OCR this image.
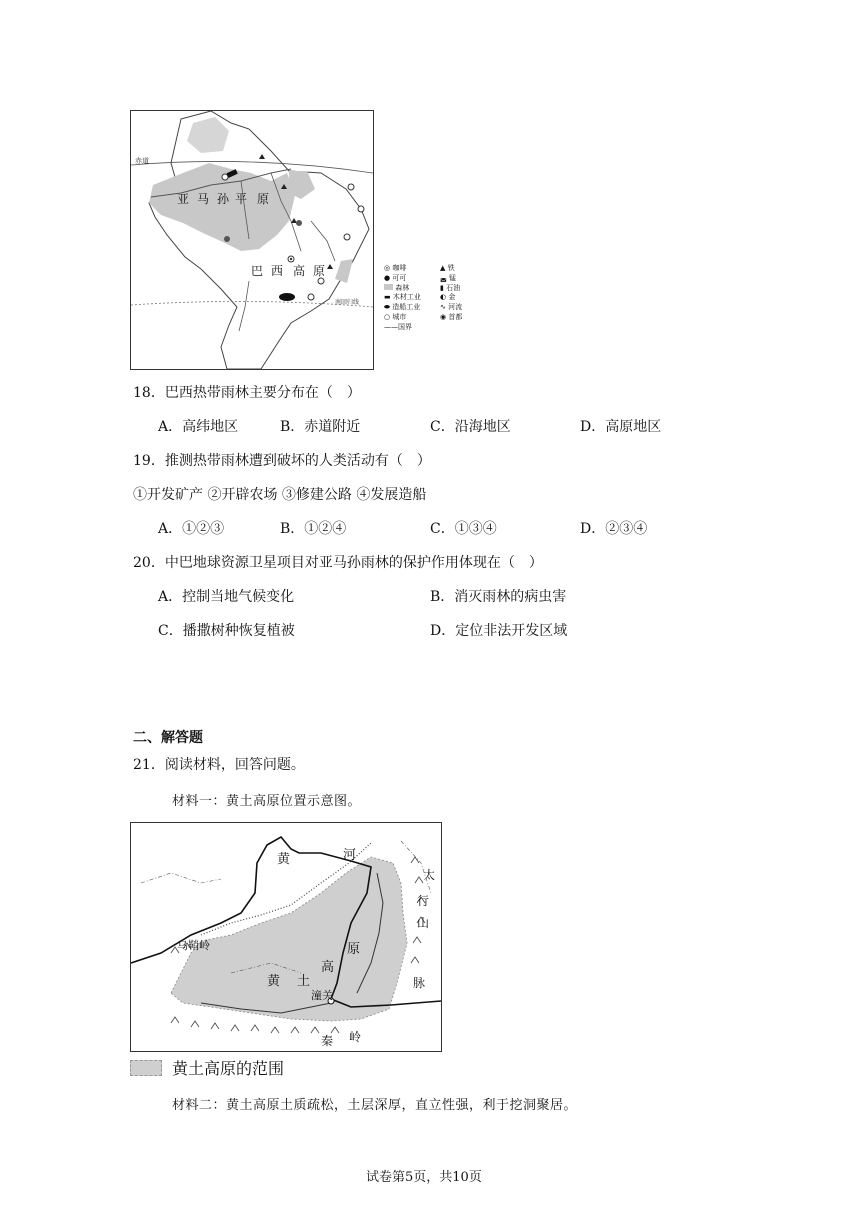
赤道
南回归线
亚 马 孙 平 原
巴 西 高 原	◎ 咖啡	▲ 铁
● 可可	◛ 锰
森林	▮ 石油
▬ 木材工业	◐ 金
⬬ 造船工业	∿ 河流
○ 城市	◉ 首都
——国界
18．巴西热带雨林主要分布在（　）
A．高纬地区	B．赤道附近	C．沿海地区	D．高原地区
19．推测热带雨林遭到破坏的人类活动有（　）
①开发矿产 ②开辟农场 ③修建公路 ④发展造船
A．①②③	B．①②④	C．①③④	D．②③④
20．中巴地球资源卫星项目对亚马孙雨林的保护作用体现在（　）
A．控制当地气候变化	B．消灭雨林的病虫害
C．播撒树种恢复植被	D．定位非法开发区域
二、解答题
21．阅读材料，回答问题。
材料一：黄土高原位置示意图。
黄	河
太
行
山
脉
原
高
黄 土
乌鞘岭
潼关
秦 岭
黄土高原的范围
材料二：黄土高原土质疏松，土层深厚，直立性强，利于挖洞聚居。
试卷第5页，共10页
